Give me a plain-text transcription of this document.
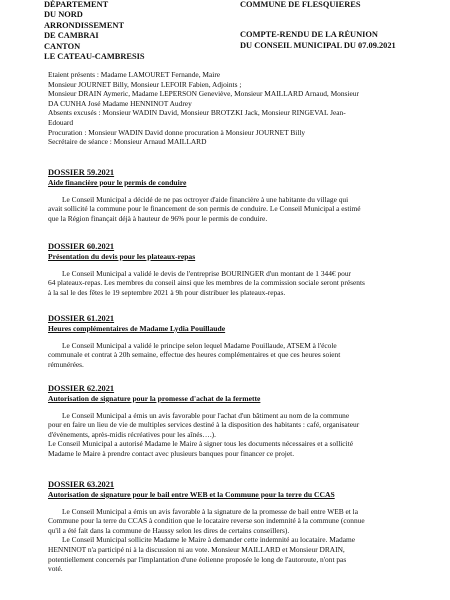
DÉPARTEMENT
DU NORD
ARRONDISSEMENT
DE CAMBRAI
CANTON
LE CATEAU-CAMBRESIS
COMMUNE DE FLESQUIERES
COMPTE-RENDU DE LA RÉUNION
DU CONSEIL MUNICIPAL DU 07.09.2021
Etaient présents : Madame LAMOURET Fernande, Maire
Monsieur JOURNET Billy, Monsieur LEFOIR Fabien, Adjoints ;
Monsieur DRAIN Aymeric, Madame LEPERSON Geneviève, Monsieur MAILLARD Arnaud, Monsieur
DA CUNHA José Madame HENNINOT Audrey
Absents excusés : Monsieur WADIN David, Monsieur BROTZKI Jack, Monsieur RINGEVAL Jean-
Edouard
Procuration : Monsieur WADIN David donne procuration à Monsieur JOURNET Billy
Secrétaire de séance : Monsieur Arnaud MAILLARD
DOSSIER 59.2021
Aide financière pour le permis de conduire
Le Conseil Municipal a décidé de ne pas octroyer d'aide financière à une habitante du village qui
avait sollicité la commune pour le financement de son permis de conduire. Le Conseil Municipal a estimé
que la Région finançait déjà à hauteur de 96% pour le permis de conduire.
DOSSIER 60.2021
Présentation du devis pour les plateaux-repas
Le Conseil Municipal a validé le devis de l'entreprise BOURINGER d'un montant de 1 344€ pour
64 plateaux-repas. Les membres du conseil ainsi que les membres de la commission sociale seront présents
à la sal le des fêtes le 19 septembre 2021 à 9h pour distribuer les plateaux-repas.
DOSSIER 61.2021
Heures complémentaires de Madame Lydia Pouillaude
Le Conseil Municipal a validé le principe selon lequel Madame Pouillaude, ATSEM à l'école
communale et contrat à 20h semaine, effectue des heures complémentaires et que ces heures soient
rémunérées.
DOSSIER 62.2021
Autorisation de signature pour la promesse d'achat de la fermette
Le Conseil Municipal a émis un avis favorable pour l'achat d'un bâtiment au nom de la commune
pour en faire un lieu de vie de multiples services destiné à la disposition des habitants : café, organisateur
d'évènements, après-midis récréatives pour les aînés….).
Le Conseil Municipal a autorisé Madame le Maire à signer tous les documents nécessaires et a sollicité
Madame le Maire à prendre contact avec plusieurs banques pour financer ce projet.
DOSSIER 63.2021
Autorisation de signature pour le bail entre WEB et la Commune pour la terre du CCAS
Le Conseil Municipal a émis un avis favorable à la signature de la promesse de bail entre WEB et la
Commune pour la terre du CCAS à condition que le locataire reverse son indemnité à la commune (connue
qu'il a été fait dans la commune de Haussy selon les dires de certains conseillers).
Le Conseil Municipal sollicite Madame le Maire à demander cette indemnité au locataire. Madame
HENNINOT n'a participé ni à la discussion ni au vote. Monsieur MAILLARD et Monsieur DRAIN,
potentiellement concernés par l'implantation d'une éolienne proposée le long de l'autoroute, n'ont pas
voté.
